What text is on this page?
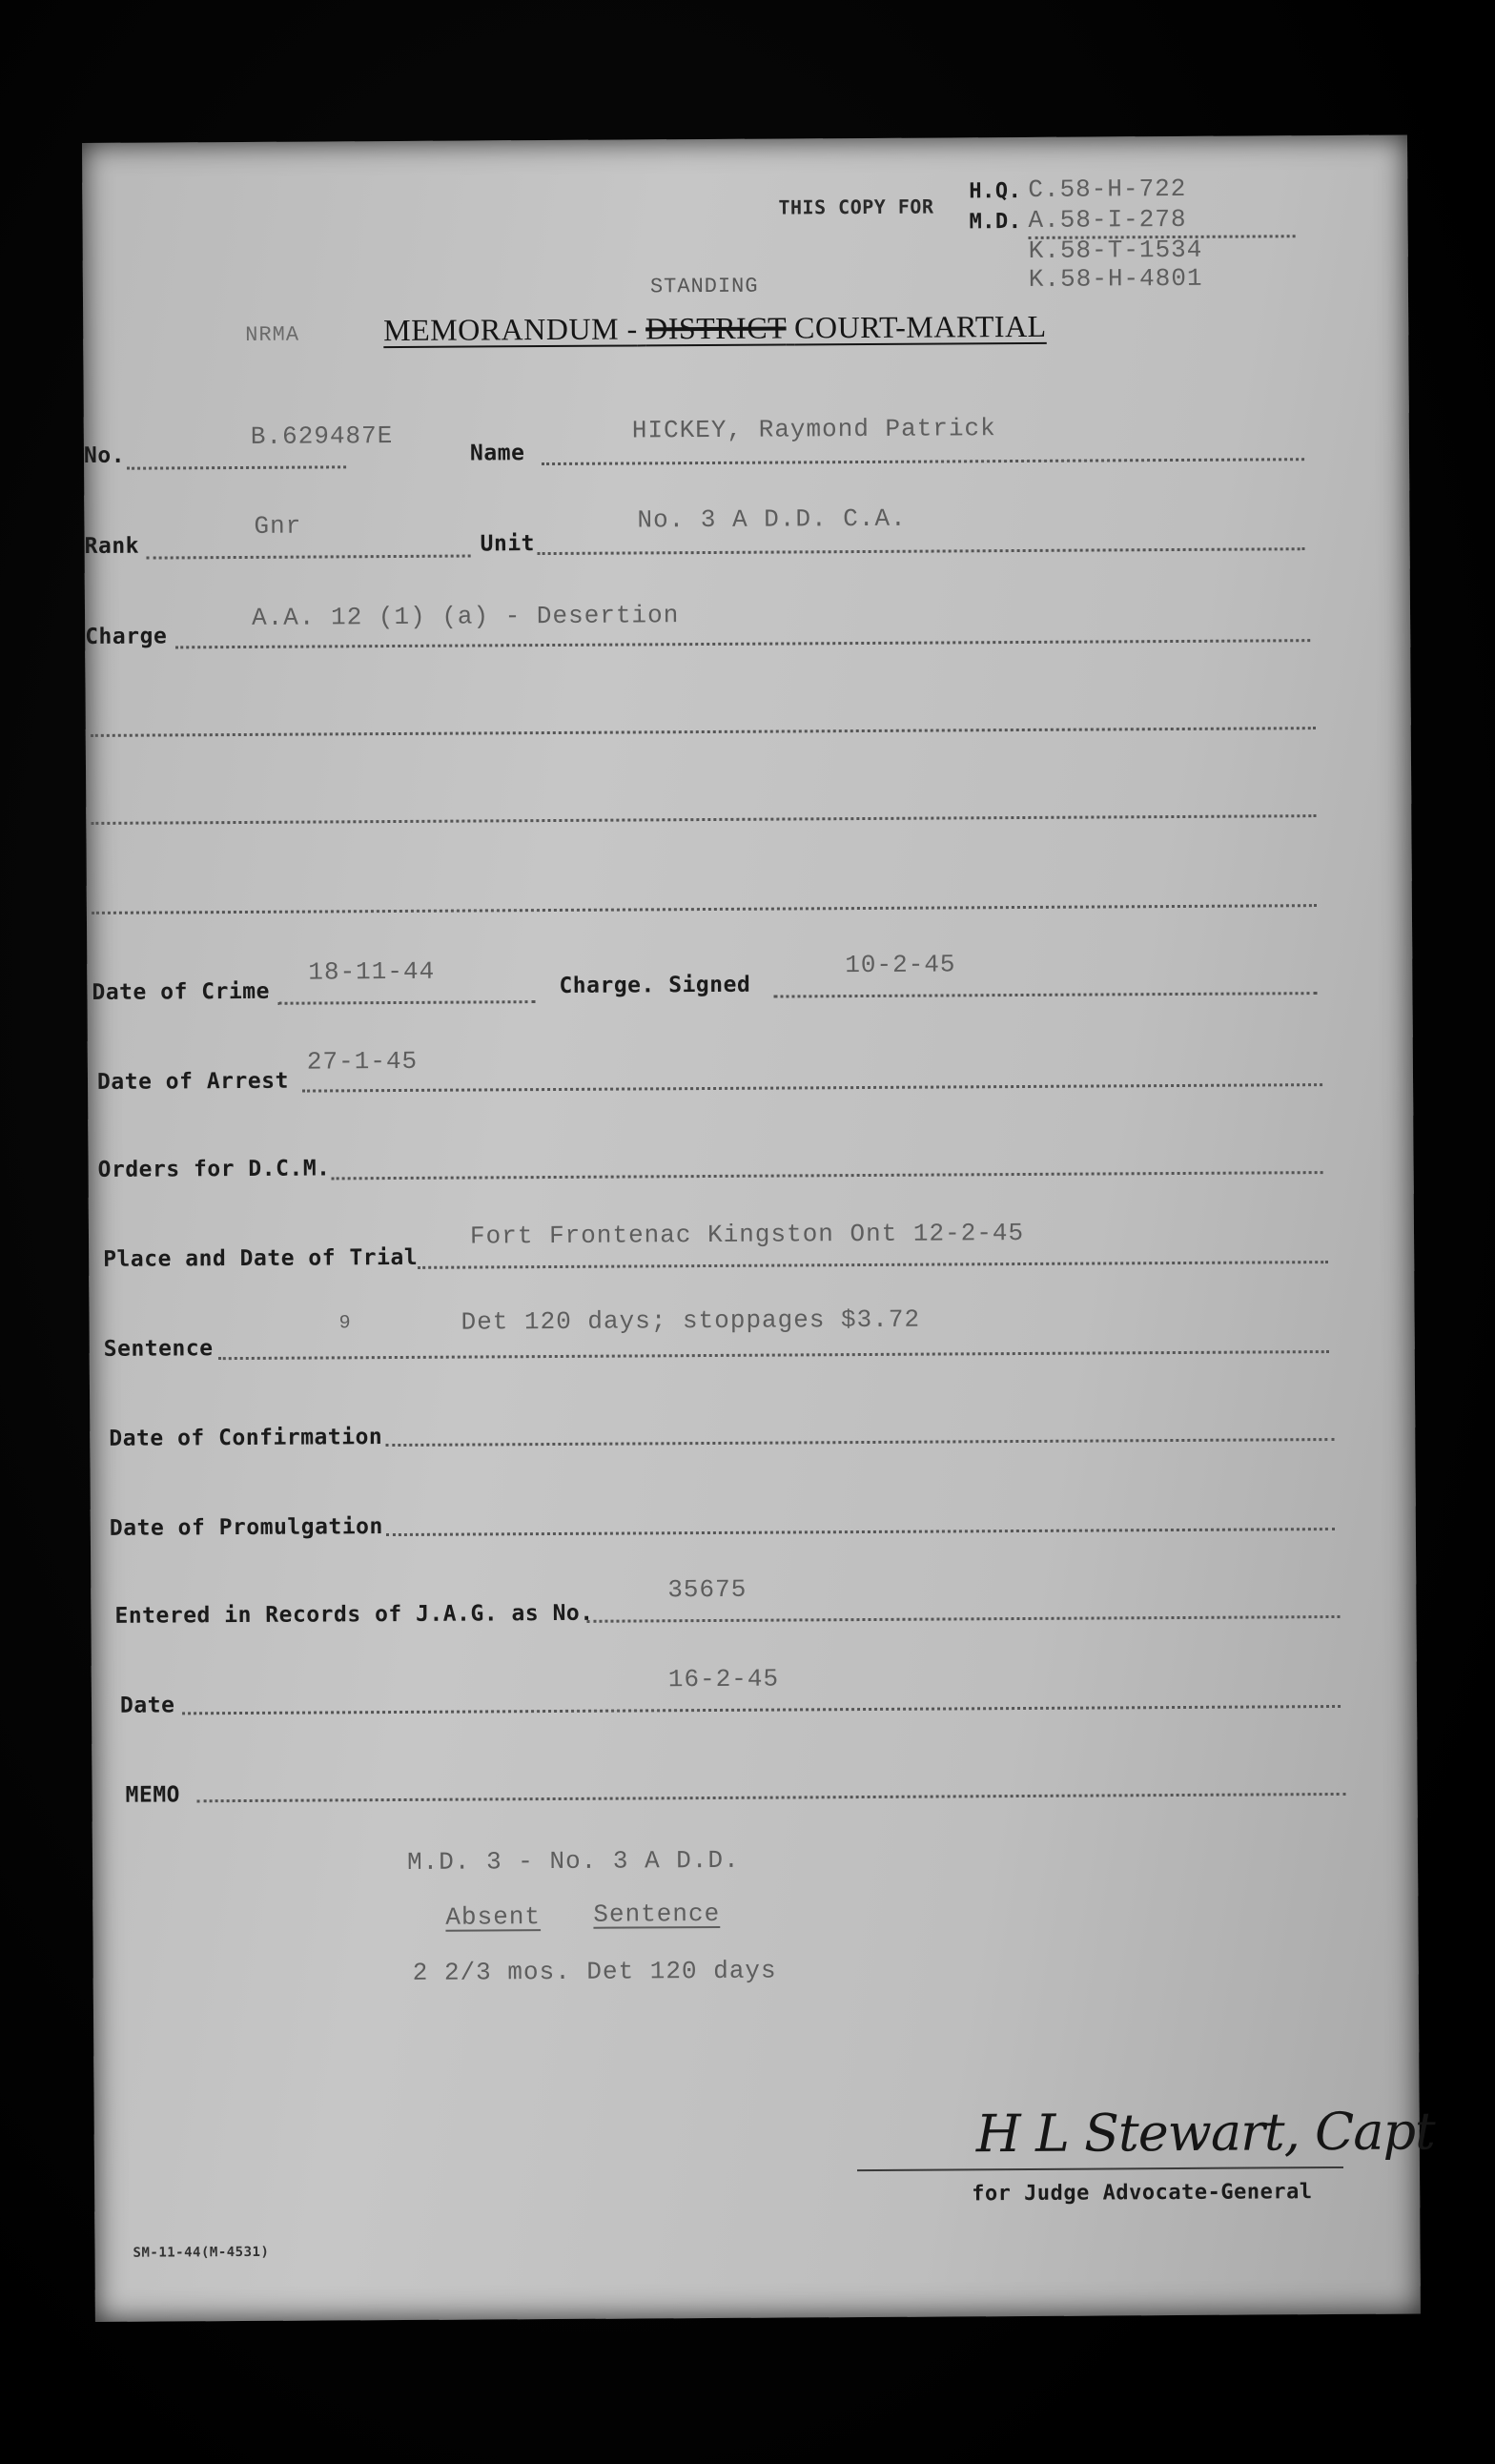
THIS COPY FOR
H.Q. C.58-H-722
M.D. A.58-I-278
K.58-T-1534
K.58-H-4801
NRMA
STANDING
MEMORANDUM - DISTRICT COURT-MARTIAL
No.
B.629487E
Name
HICKEY, Raymond Patrick
Rank
Gnr
Unit
No. 3 A D.D. C.A.
Charge
A.A. 12 (1) (a) - Desertion
Date of Crime
18-11-44	Charge. Signed
10-2-45
Date of Arrest
27-1-45
Orders for D.C.M.
Place and Date of Trial
Fort Frontenac Kingston Ont 12-2-45
Sentence
9	Det 120 days; stoppages $3.72
Date of Confirmation
Date of Promulgation
Entered in Records of J.A.G. as No.
35675
Date
16-2-45
MEMO
M.D. 3 - No. 3 A D.D.
Absent Sentence
2 2/3 mos. Det 120 days
H L Stewart, Capt
for Judge Advocate-General
SM-11-44(M-4531)
